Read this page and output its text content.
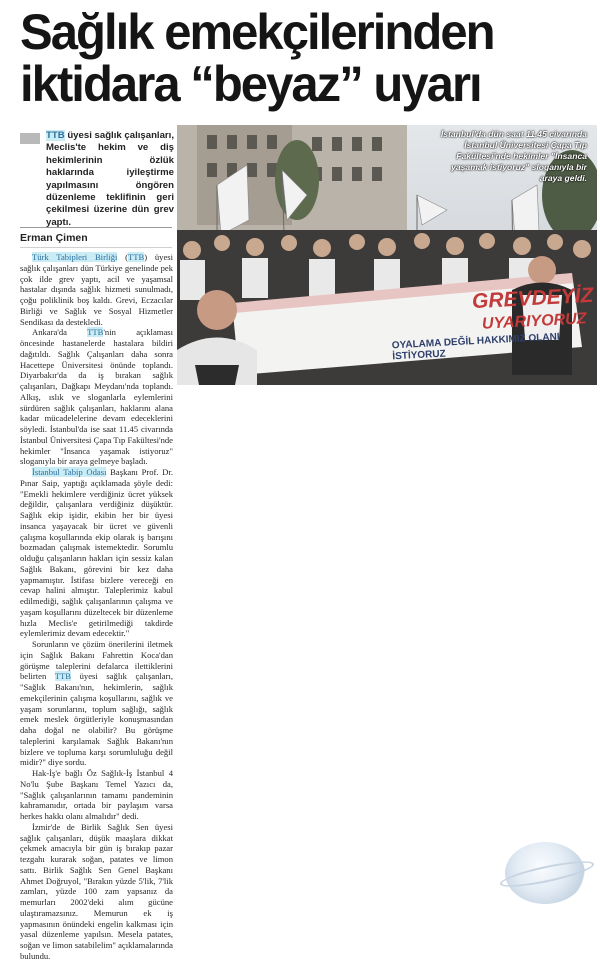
Sağlık emekçilerinden
iktidara “beyaz” uyarı

TTB üyesi sağlık çalışanları, Meclis'te hekim ve diş hekimlerinin özlük haklarında iyileştirme yapılmasını öngören düzenleme teklifinin geri çekilmesi üzerine dün grev yaptı.

Erman Çimen

Türk Tabipleri Birliği (TTB) üyesi sağlık çalışanları dün Türkiye genelinde pek çok ilde grev yaptı, acil ve yaşamsal hastalar dışında sağlık hizmeti sunulmadı, çoğu poliklinik boş kaldı. Grevi, Eczacılar Birliği ve Sağlık ve Sosyal Hizmetler Sendikası da destekledi.

Ankara'da TTB'nin açıklaması öncesinde hastanelerde hastalara bildiri dağıtıldı. Sağlık Çalışanları daha sonra Hacettepe Üniversitesi önünde toplandı. Diyarbakır'da da iş bırakan sağlık çalışanları, Dağkapı Meydanı'nda toplandı. Alkış, ıslık ve sloganlarla eylemlerini sürdüren sağlık çalışanları, haklarını alana kadar mücadelelerine devam edeceklerini söyledi. İstanbul'da ise saat 11.45 civarında İstanbul Üniversitesi Çapa Tıp Fakültesi'nde hekimler "İnsanca yaşamak istiyoruz" sloganıyla bir araya gelmeye başladı.

İstanbul Tabip Odası Başkanı Prof. Dr. Pınar Saip, yaptığı açıklamada şöyle dedi: "Emekli hekimlere verdiğiniz ücret yüksek değildir, çalışanlara verdiğiniz düşüktür. Sağlık ekip işidir, ekibin her bir üyesi insanca yaşayacak bir ücret ve güvenli çalışma koşullarında ekip olarak iş barışını bozmadan çalışmak istemektedir. Sorumlu olduğu çalışanların hakları için sessiz kalan Sağlık Bakanı, görevini bir kez daha yapmamıştır. İstifası bizlere vereceği en cevap halini almıştır. Taleplerimiz kabul edilmediği, sağlık çalışanlarının çalışma ve yaşam koşullarını düzeltecek bir düzenleme hızla Meclis'e getirilmediği takdirde eylemlerimiz devam edecektir."

Sorunların ve çözüm önerilerini iletmek için Sağlık Bakanı Fahrettin Koca'dan görüşme taleplerini defalarca ilettiklerini belirten TTB üyesi sağlık çalışanları, "Sağlık Bakanı'nın, hekimlerin, sağlık emekçilerinin çalışma koşullarını, sağlık ve yaşam sorunlarını, toplum sağlığı, sağlık emek meslek örgütleriyle konuşmasından daha doğal ne olabilir? Bu görüşme taleplerini karşılamak Sağlık Bakanı'nın bizlere ve topluma karşı sorumluluğu değil midir?" diye sordu.

Hak-İş'e bağlı Öz Sağlık-İş İstanbul 4 No'lu Şube Başkanı Temel Yazıcı da, "Sağlık çalışanlarının tamamı pandeminin kahramanıdır, ortada bir paylaşım varsa herkes hakkı olanı almalıdır" dedi.

İzmir'de de Birlik Sağlık Sen üyesi sağlık çalışanları, düşük maaşlara dikkat çekmek amacıyla bir gün iş bırakıp pazar tezgahı kurarak soğan, patates ve limon sattı. Birlik Sağlık Sen Genel Başkanı Ahmet Doğruyol, "Bırakın yüzde 5'lik, 7'lik zamları, yüzde 100 zam yapsanız da memurları 2002'deki alım gücüne ulaştıramazsınız. Memurun ek iş yapmasının önündeki engelin kalkması için yasal düzenleme yapılsın. Mesela patates, soğan ve limon satabilelim" açıklamalarında bulundu.

İstanbul'da dün saat 11.45 civarında İstanbul Üniversitesi Çapa Tıp Fakültesi'nde hekimler "İnsanca yaşamak istiyoruz" sloganıyla bir araya geldi.
GREVDEYİZ
UYARIYORUZ
OYALAMA DEĞİL HAKKIMIZ OLANI İSTİYORUZ
